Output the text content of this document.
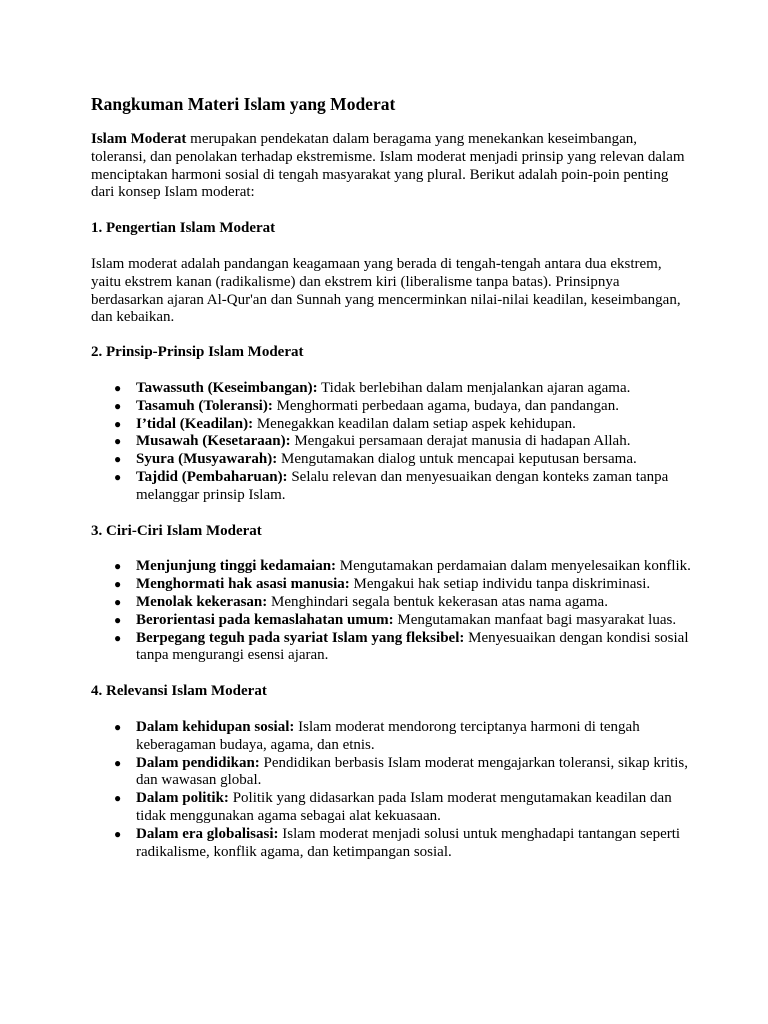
Rangkuman Materi Islam yang Moderat

Islam Moderat merupakan pendekatan dalam beragama yang menekankan keseimbangan, toleransi, dan penolakan terhadap ekstremisme. Islam moderat menjadi prinsip yang relevan dalam menciptakan harmoni sosial di tengah masyarakat yang plural. Berikut adalah poin-poin penting dari konsep Islam moderat:

1. Pengertian Islam Moderat

Islam moderat adalah pandangan keagamaan yang berada di tengah-tengah antara dua ekstrem, yaitu ekstrem kanan (radikalisme) dan ekstrem kiri (liberalisme tanpa batas). Prinsipnya berdasarkan ajaran Al-Qur'an dan Sunnah yang mencerminkan nilai-nilai keadilan, keseimbangan, dan kebaikan.

2. Prinsip-Prinsip Islam Moderat
● Tawassuth (Keseimbangan): Tidak berlebihan dalam menjalankan ajaran agama.
● Tasamuh (Toleransi): Menghormati perbedaan agama, budaya, dan pandangan.
● I’tidal (Keadilan): Menegakkan keadilan dalam setiap aspek kehidupan.
● Musawah (Kesetaraan): Mengakui persamaan derajat manusia di hadapan Allah.
● Syura (Musyawarah): Mengutamakan dialog untuk mencapai keputusan bersama.
● Tajdid (Pembaharuan): Selalu relevan dan menyesuaikan dengan konteks zaman tanpa melanggar prinsip Islam.
3. Ciri-Ciri Islam Moderat
● Menjunjung tinggi kedamaian: Mengutamakan perdamaian dalam menyelesaikan konflik.
● Menghormati hak asasi manusia: Mengakui hak setiap individu tanpa diskriminasi.
● Menolak kekerasan: Menghindari segala bentuk kekerasan atas nama agama.
● Berorientasi pada kemaslahatan umum: Mengutamakan manfaat bagi masyarakat luas.
● Berpegang teguh pada syariat Islam yang fleksibel: Menyesuaikan dengan kondisi sosial tanpa mengurangi esensi ajaran.
4. Relevansi Islam Moderat
● Dalam kehidupan sosial: Islam moderat mendorong terciptanya harmoni di tengah keberagaman budaya, agama, dan etnis.
● Dalam pendidikan: Pendidikan berbasis Islam moderat mengajarkan toleransi, sikap kritis, dan wawasan global.
● Dalam politik: Politik yang didasarkan pada Islam moderat mengutamakan keadilan dan tidak menggunakan agama sebagai alat kekuasaan.
● Dalam era globalisasi: Islam moderat menjadi solusi untuk menghadapi tantangan seperti radikalisme, konflik agama, dan ketimpangan sosial.
